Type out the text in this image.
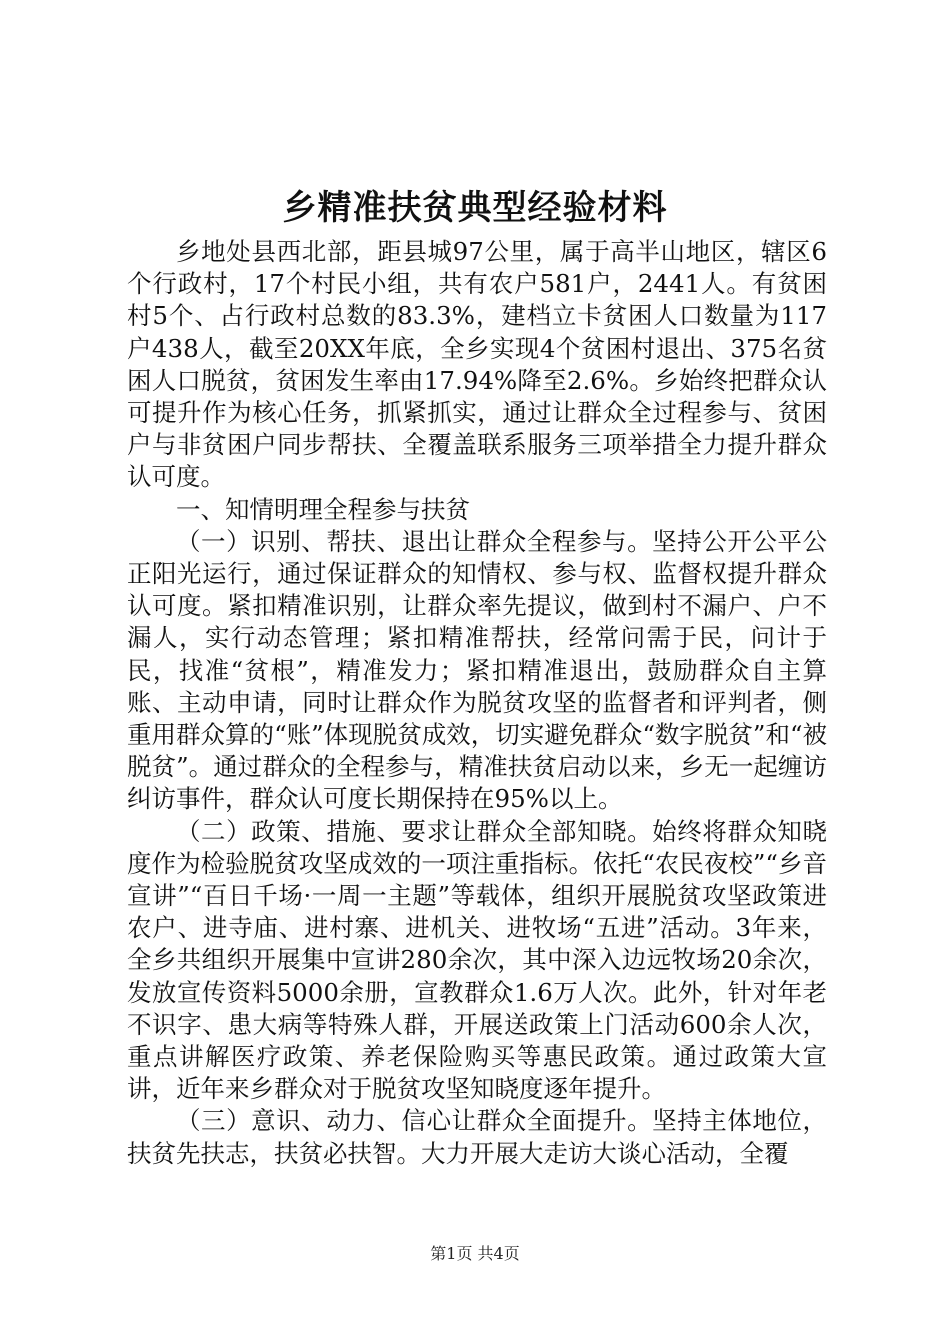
乡精准扶贫典型经验材料

乡地处县西北部，距县城97公里，属于高半山地区，辖区6个行政村，17个村民小组，共有农户581户，2441人。有贫困村5个、占行政村总数的83.3%，建档立卡贫困人口数量为117户438人，截至20XX年底，全乡实现4个贫困村退出、375名贫困人口脱贫，贫困发生率由17.94%降至2.6%。乡始终把群众认可提升作为核心任务，抓紧抓实，通过让群众全过程参与、贫困户与非贫困户同步帮扶、全覆盖联系服务三项举措全力提升群众认可度。

一、知情明理全程参与扶贫

（一）识别、帮扶、退出让群众全程参与。坚持公开公平公正阳光运行，通过保证群众的知情权、参与权、监督权提升群众认可度。紧扣精准识别，让群众率先提议，做到村不漏户、户不漏人，实行动态管理；紧扣精准帮扶，经常问需于民，问计于民，找准“贫根”，精准发力；紧扣精准退出，鼓励群众自主算账、主动申请，同时让群众作为脱贫攻坚的监督者和评判者，侧重用群众算的“账”体现脱贫成效，切实避免群众“数字脱贫”和“被脱贫”。通过群众的全程参与，精准扶贫启动以来，乡无一起缠访纠访事件，群众认可度长期保持在95%以上。

（二）政策、措施、要求让群众全部知晓。始终将群众知晓度作为检验脱贫攻坚成效的一项注重指标。依托“农民夜校”“乡音宣讲”“百日千场·一周一主题”等载体，组织开展脱贫攻坚政策进农户、进寺庙、进村寨、进机关、进牧场“五进”活动。3年来，全乡共组织开展集中宣讲280余次，其中深入边远牧场20余次，发放宣传资料5000余册，宣教群众1.6万人次。此外，针对年老不识字、患大病等特殊人群，开展送政策上门活动600余人次，重点讲解医疗政策、养老保险购买等惠民政策。通过政策大宣讲，近年来乡群众对于脱贫攻坚知晓度逐年提升。

（三）意识、动力、信心让群众全面提升。坚持主体地位，扶贫先扶志，扶贫必扶智。大力开展大走访大谈心活动，全覆

第1页 共4页
